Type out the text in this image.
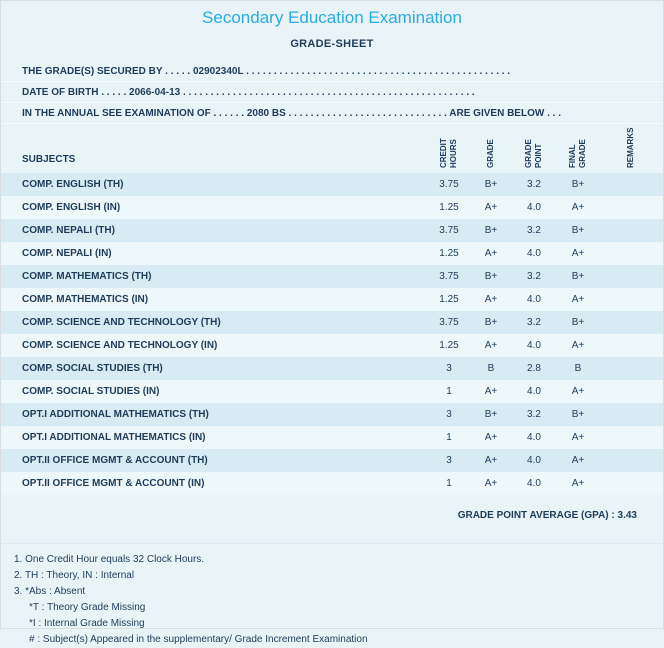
Secondary Education Examination
GRADE-SHEET
THE GRADE(S) SECURED BY . . . . . 02902340L . . . . . . . . . . . . . . . . . . . . . . . . . . . . . . . . . . . . . . . . . . . . . . . .
DATE OF BIRTH . . . . . 2066-04-13 . . . . . . . . . . . . . . . . . . . . . . . . . . . . . . . . . . . . . . . . . . . . . . . . . . . . .
IN THE ANNUAL SEE EXAMINATION OF . . . . . . 2080 BS . . . . . . . . . . . . . . . . . . . . . . . . . . . . . ARE GIVEN BELOW . . .
SUBJECTS	CREDIT HOURS	GRADE	GRADE POINT	FINAL GRADE	REMARKS
COMP. ENGLISH (TH)	3.75	B+	3.2	B+	
COMP. ENGLISH (IN)	1.25	A+	4.0	A+	
COMP. NEPALI (TH)	3.75	B+	3.2	B+	
COMP. NEPALI (IN)	1.25	A+	4.0	A+	
COMP. MATHEMATICS (TH)	3.75	B+	3.2	B+	
COMP. MATHEMATICS (IN)	1.25	A+	4.0	A+	
COMP. SCIENCE AND TECHNOLOGY (TH)	3.75	B+	3.2	B+	
COMP. SCIENCE AND TECHNOLOGY (IN)	1.25	A+	4.0	A+	
COMP. SOCIAL STUDIES (TH)	3	B	2.8	B	
COMP. SOCIAL STUDIES (IN)	1	A+	4.0	A+	
OPT.I ADDITIONAL MATHEMATICS (TH)	3	B+	3.2	B+	
OPT.I ADDITIONAL MATHEMATICS (IN)	1	A+	4.0	A+	
OPT.II OFFICE MGMT & ACCOUNT (TH)	3	A+	4.0	A+	
OPT.II OFFICE MGMT & ACCOUNT (IN)	1	A+	4.0	A+	
GRADE POINT AVERAGE (GPA) : 3.43
1. One Credit Hour equals 32 Clock Hours.
2. TH : Theory, IN : Internal
3. *Abs : Absent
*T : Theory Grade Missing
*I : Internal Grade Missing
# : Subject(s) Appeared in the supplementary/ Grade Increment Examination
